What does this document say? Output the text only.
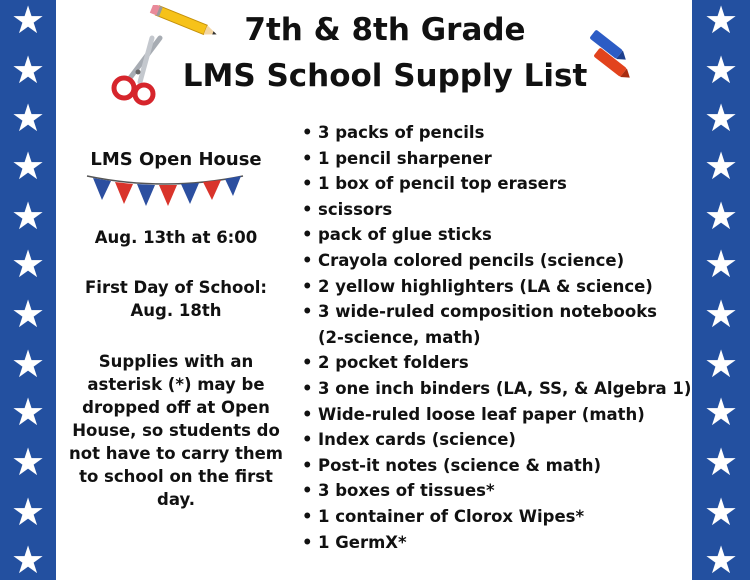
★
★
★
★
★
★
★
★
★
★
★
★
★
★
★
★
★
★
★
★
★
★
★
★
7th & 8th Grade
LMS School Supply List
LMS Open House
Aug. 13th at 6:00
First Day of School: Aug. 18th
Supplies with an asterisk (*) may be dropped off at Open House, so students do not have to carry them to school on the first day.
• 3 packs of pencils
• 1 pencil sharpener
• 1 box of pencil top erasers
• scissors
• pack of glue sticks
• Crayola colored pencils (science)
• 2 yellow highlighters (LA & science)
• 3 wide-ruled composition notebooks
(2-science, math)
• 2 pocket folders
• 3 one inch binders (LA, SS, & Algebra 1)
• Wide-ruled loose leaf paper (math)
• Index cards (science)
• Post-it notes (science & math)
• 3 boxes of tissues*
• 1 container of Clorox Wipes*
• 1 GermX*
